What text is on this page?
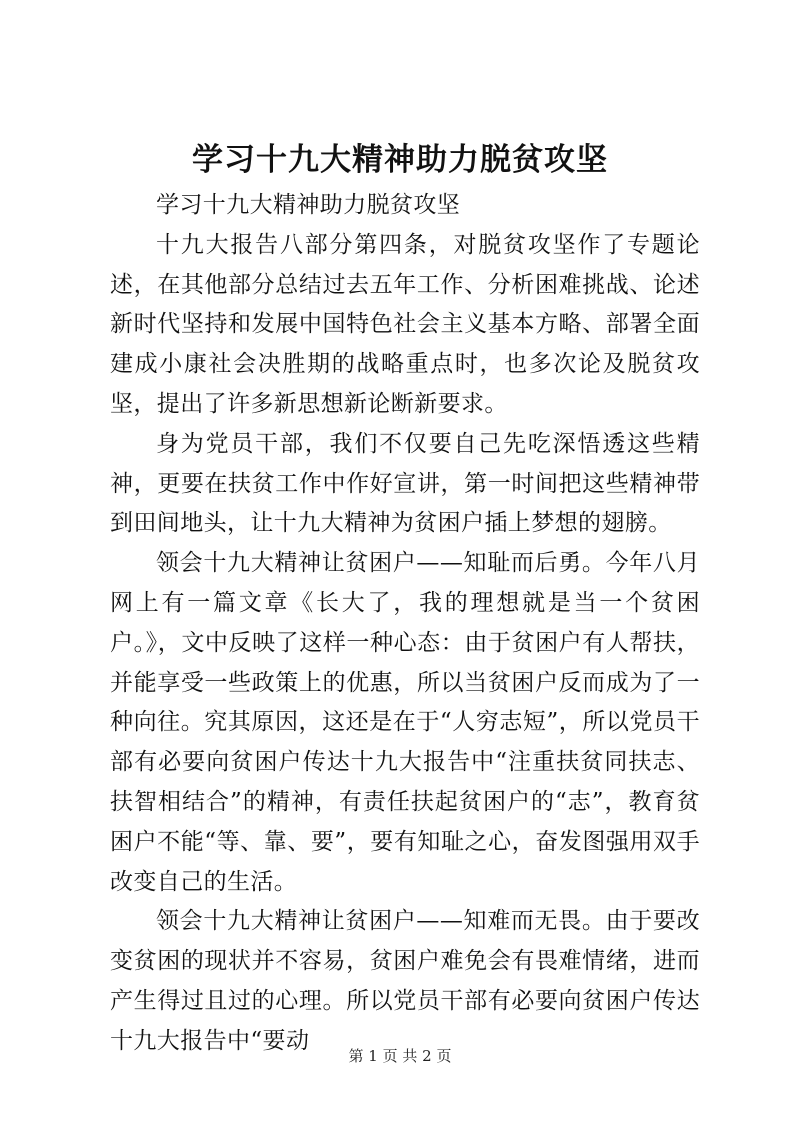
学习十九大精神助力脱贫攻坚

学习十九大精神助力脱贫攻坚

十九大报告八部分第四条，对脱贫攻坚作了专题论述，在其他部分总结过去五年工作、分析困难挑战、论述新时代坚持和发展中国特色社会主义基本方略、部署全面建成小康社会决胜期的战略重点时，也多次论及脱贫攻坚，提出了许多新思想新论断新要求。

身为党员干部，我们不仅要自己先吃深悟透这些精神，更要在扶贫工作中作好宣讲，第一时间把这些精神带到田间地头，让十九大精神为贫困户插上梦想的翅膀。

领会十九大精神让贫困户——知耻而后勇。今年八月网上有一篇文章《长大了，我的理想就是当一个贫困户。》，文中反映了这样一种心态：由于贫困户有人帮扶，并能享受一些政策上的优惠，所以当贫困户反而成为了一种向往。究其原因，这还是在于“人穷志短”，所以党员干部有必要向贫困户传达十九大报告中“注重扶贫同扶志、扶智相结合”的精神，有责任扶起贫困户的“志”，教育贫困户不能“等、靠、要”，要有知耻之心，奋发图强用双手改变自己的生活。

领会十九大精神让贫困户——知难而无畏。由于要改变贫困的现状并不容易，贫困户难免会有畏难情绪，进而产生得过且过的心理。所以党员干部有必要向贫困户传达十九大报告中“要动

第 1 页 共 2 页
